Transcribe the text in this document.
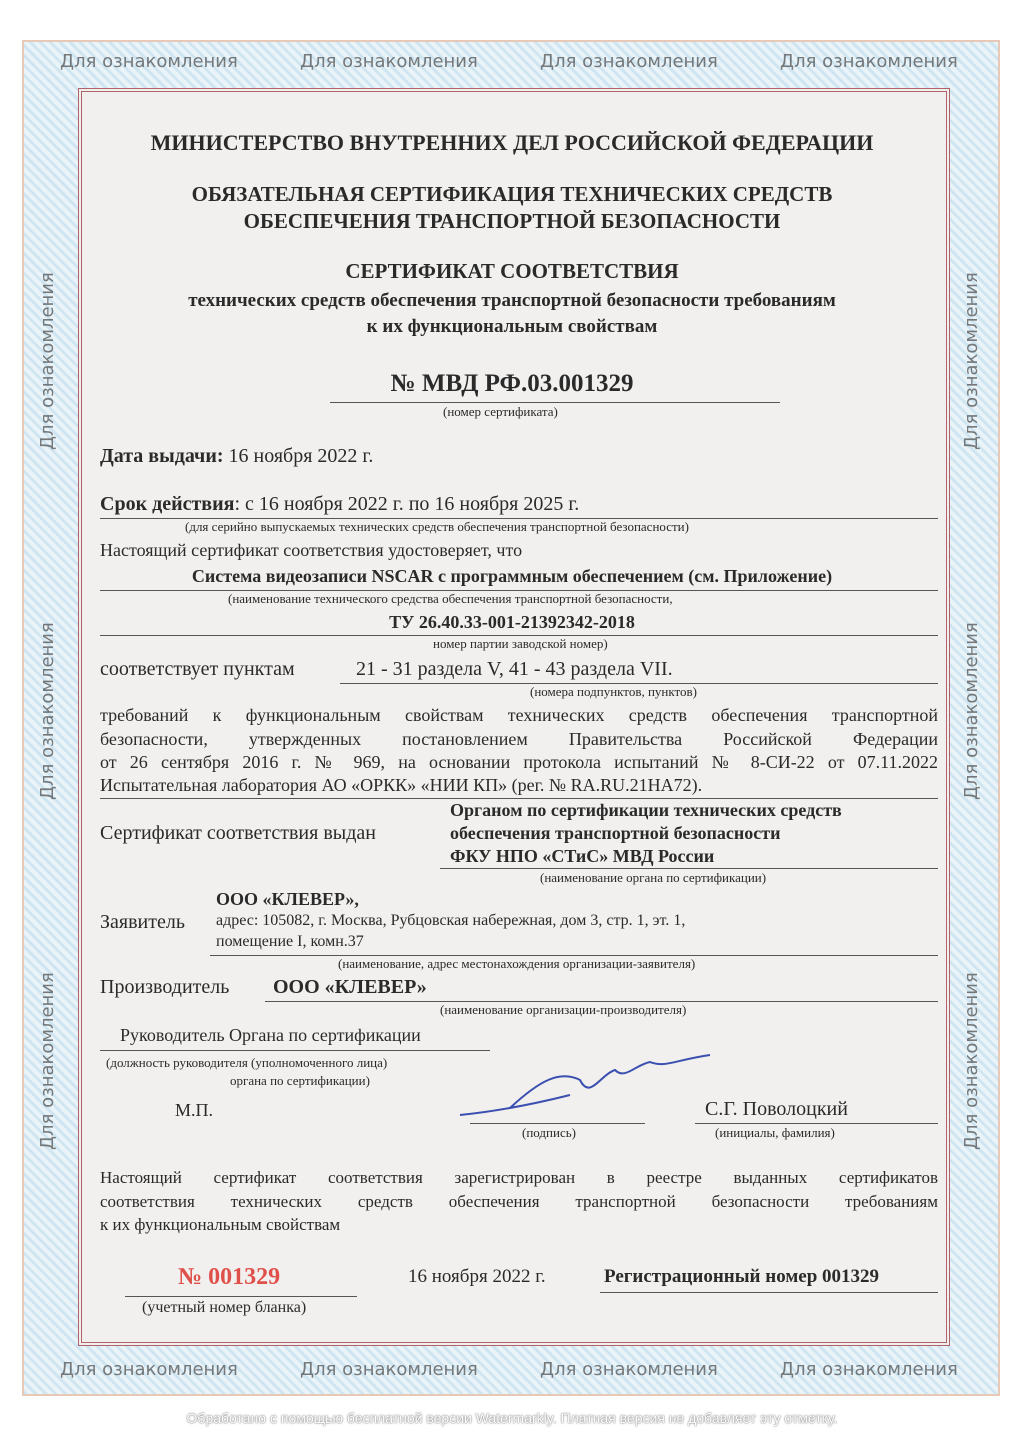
МИНИСТЕРСТВО ВНУТРЕННИХ ДЕЛ РОССИЙСКОЙ ФЕДЕРАЦИИ
ОБЯЗАТЕЛЬНАЯ СЕРТИФИКАЦИЯ ТЕХНИЧЕСКИХ СРЕДСТВ
ОБЕСПЕЧЕНИЯ ТРАНСПОРТНОЙ БЕЗОПАСНОСТИ
СЕРТИФИКАТ СООТВЕТСТВИЯ
технических средств обеспечения транспортной безопасности требованиям
к их функциональным свойствам
№ МВД РФ.03.001329
(номер сертификата)
Дата выдачи: 16 ноября 2022 г.
Срок действия: с 16 ноября 2022 г. по 16 ноября 2025 г.
(для серийно выпускаемых технических средств обеспечения транспортной безопасности)
Настоящий сертификат соответствия удостоверяет, что
Система видеозаписи NSCAR с программным обеспечением (см. Приложение)
(наименование технического средства обеспечения транспортной безопасности,
ТУ 26.40.33-001-21392342-2018
номер партии заводской номер)
соответствует пунктам	21 - 31 раздела V, 41 - 43 раздела VII.
(номера подпунктов, пунктов)
требований к функциональным свойствам технических средств обеспечения транспортной
безопасности, утвержденных постановлением Правительства Российской Федерации
от 26 сентября 2016 г. № 969, на основании протокола испытаний № 8-СИ-22 от 07.11.2022
Испытательная лаборатория АО «ОРКК» «НИИ КП» (рег. № RA.RU.21НА72).
Сертификат соответствия выдан
Органом по сертификации технических средств
обеспечения транспортной безопасности
ФКУ НПО «СТиС» МВД России
(наименование органа по сертификации)
ООО «КЛЕВЕР»,
Заявитель адрес: 105082, г. Москва, Рубцовская набережная, дом 3, стр. 1, эт. 1,
помещение I, комн.37
(наименование, адрес местонахождения организации-заявителя)
Производитель ООО «КЛЕВЕР»
(наименование организации-производителя)
Руководитель Органа по сертификации
(должность руководителя (уполномоченного лица)
органа по сертификации)
М.П.
(подпись)
С.Г. Поволоцкий
(инициалы, фамилия)
Настоящий сертификат соответствия зарегистрирован в реестре выданных сертификатов
соответствия технических средств обеспечения транспортной безопасности требованиям
к их функциональным свойствам
№ 001329
(учетный номер бланка)
16 ноября 2022 г.	Регистрационный номер 001329
Для ознакомления	Для ознакомления	Для ознакомления	Для ознакомления
Для ознакомления	Для ознакомления	Для ознакомления	Для ознакомления
Для ознакомления
Для ознакомления
Для ознакомления
Для ознакомления
Для ознакомления
Для ознакомления
Обработано с помощью бесплатной версии Watermarkly. Платная версия не добавляет эту отметку.
